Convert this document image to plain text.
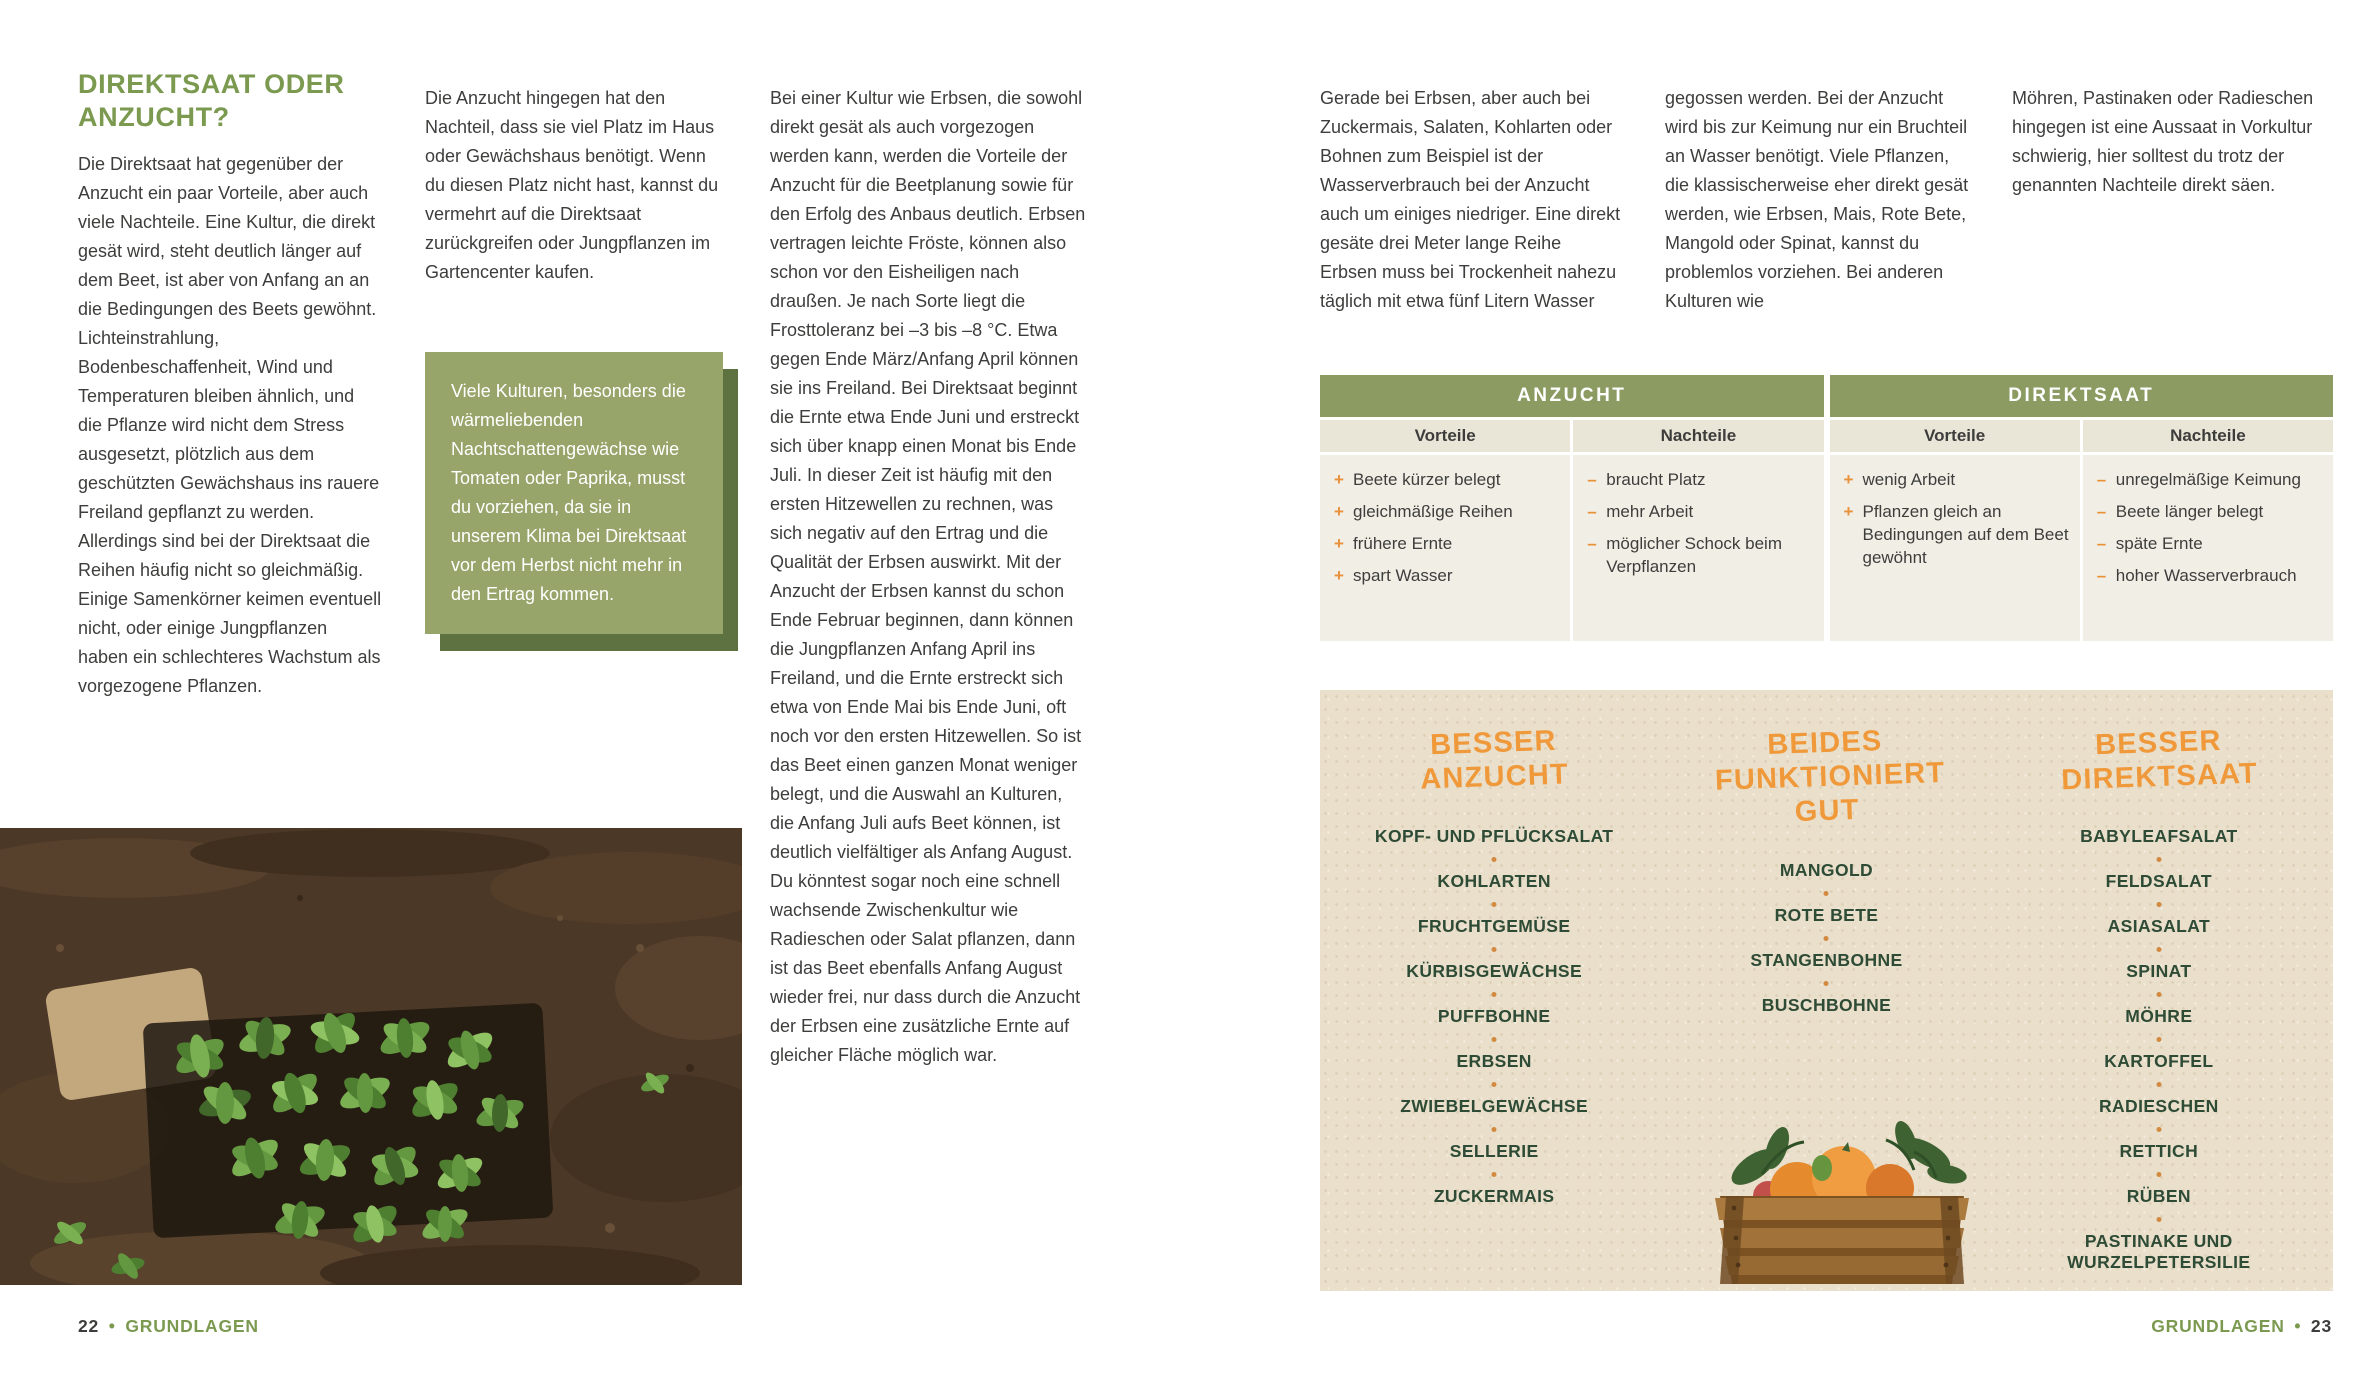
DIREKTSAAT ODER ANZUCHT?
Die Direktsaat hat gegenüber der Anzucht ein paar Vorteile, aber auch viele Nachteile. Eine Kultur, die direkt gesät wird, steht deutlich länger auf dem Beet, ist aber von Anfang an an die Bedingungen des Beets gewöhnt. Lichteinstrahlung, Bodenbeschaffenheit, Wind und Temperaturen bleiben ähnlich, und die Pflanze wird nicht dem Stress ausgesetzt, plötzlich aus dem geschützten Gewächshaus ins rauere Freiland gepflanzt zu werden. Allerdings sind bei der Direktsaat die Reihen häufig nicht so gleichmäßig. Einige Samenkörner keimen eventuell nicht, oder einige Jungpflanzen haben ein schlechteres Wachstum als vorgezogene Pflanzen.
Die Anzucht hingegen hat den Nachteil, dass sie viel Platz im Haus oder Gewächshaus benötigt. Wenn du diesen Platz nicht hast, kannst du vermehrt auf die Direktsaat zurückgreifen oder Jungpflanzen im Gartencenter kaufen.
Viele Kulturen, besonders die wärmeliebenden Nachtschattengewächse wie Tomaten oder Paprika, musst du vorziehen, da sie in unserem Klima bei Direktsaat vor dem Herbst nicht mehr in den Ertrag kommen.
Bei einer Kultur wie Erbsen, die sowohl direkt gesät als auch vorgezogen werden kann, werden die Vorteile der Anzucht für die Beetplanung sowie für den Erfolg des Anbaus deutlich. Erbsen vertragen leichte Fröste, können also schon vor den Eisheiligen nach draußen. Je nach Sorte liegt die Frosttoleranz bei –3 bis –8 °C. Etwa gegen Ende März/Anfang April können sie ins Freiland. Bei Direktsaat beginnt die Ernte etwa Ende Juni und erstreckt sich über knapp einen Monat bis Ende Juli. In dieser Zeit ist häufig mit den ersten Hitzewellen zu rechnen, was sich negativ auf den Ertrag und die Qualität der Erbsen auswirkt. Mit der Anzucht der Erbsen kannst du schon Ende Februar beginnen, dann können die Jungpflanzen Anfang April ins Freiland, und die Ernte erstreckt sich etwa von Ende Mai bis Ende Juni, oft noch vor den ersten Hitzewellen. So ist das Beet einen ganzen Monat weniger belegt, und die Auswahl an Kulturen, die Anfang Juli aufs Beet können, ist deutlich vielfältiger als Anfang August. Du könntest sogar noch eine schnell wachsende Zwischenkultur wie Radieschen oder Salat pflanzen, dann ist das Beet ebenfalls Anfang August wieder frei, nur dass durch die Anzucht der Erbsen eine zusätzliche Ernte auf gleicher Fläche möglich war.
22 • GRUNDLAGEN
Gerade bei Erbsen, aber auch bei Zuckermais, Salaten, Kohlarten oder Bohnen zum Beispiel ist der Wasserverbrauch bei der Anzucht auch um einiges niedriger. Eine direkt gesäte drei Meter lange Reihe Erbsen muss bei Trockenheit nahezu täglich mit etwa fünf Litern Wasser
gegossen werden. Bei der Anzucht wird bis zur Keimung nur ein Bruchteil an Wasser benötigt. Viele Pflanzen, die klassischerweise eher direkt gesät werden, wie Erbsen, Mais, Rote Bete, Mangold oder Spinat, kannst du problemlos vorziehen. Bei anderen Kulturen wie
Möhren, Pastinaken oder Radieschen hingegen ist eine Aussaat in Vorkultur schwierig, hier solltest du trotz der genannten Nachteile direkt säen.
ANZUCHT
Vorteile	Nachteile
+ Beete kürzer belegt
+ gleichmäßige Reihen
+ frühere Ernte
+ spart Wasser
– braucht Platz
– mehr Arbeit
– möglicher Schock beim Verpflanzen
DIREKTSAAT
Vorteile	Nachteile
+ wenig Arbeit
+ Pflanzen gleich an Bedingungen auf dem Beet gewöhnt
– unregelmäßige Keimung
– Beete länger belegt
– späte Ernte
– hoher Wasserverbrauch
BESSER ANZUCHT
KOPF- UND PFLÜCKSALAT
KOHLARTEN
FRUCHTGEMÜSE
KÜRBISGEWÄCHSE
PUFFBOHNE
ERBSEN
ZWIEBELGEWÄCHSE
SELLERIE
ZUCKERMAIS
BEIDES FUNKTIONIERT GUT
MANGOLD
ROTE BETE
STANGENBOHNE
BUSCHBOHNE
BESSER DIREKTSAAT
BABYLEAFSALAT
FELDSALAT
ASIASALAT
SPINAT
MÖHRE
KARTOFFEL
RADIESCHEN
RETTICH
RÜBEN
PASTINAKE UND WURZELPETERSILIE
GRUNDLAGEN • 23
